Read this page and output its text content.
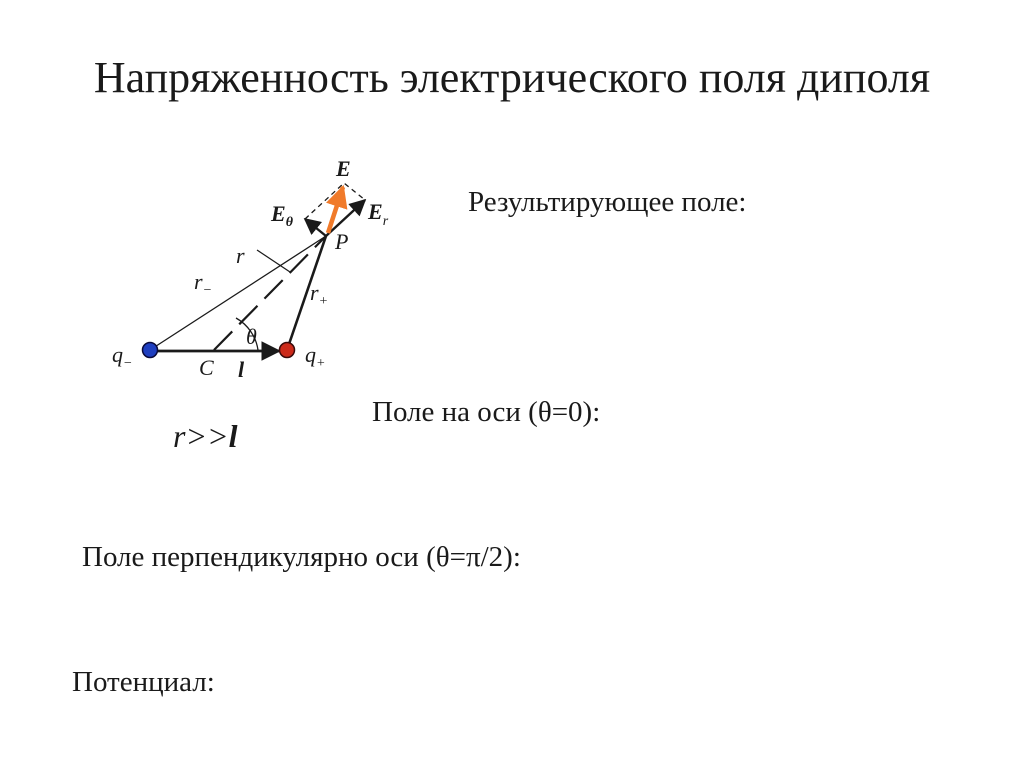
Напряженность электрического поля диполя
E
$E_\theta$	$E_r$
P
r
$r_-$	$r_+$
θ
$q_-$	$q_+$
C l

Результирующее поле:

r>>l

Поле на оси (θ=0):

Поле перпендикулярно оси (θ=π/2):

Потенциал:
